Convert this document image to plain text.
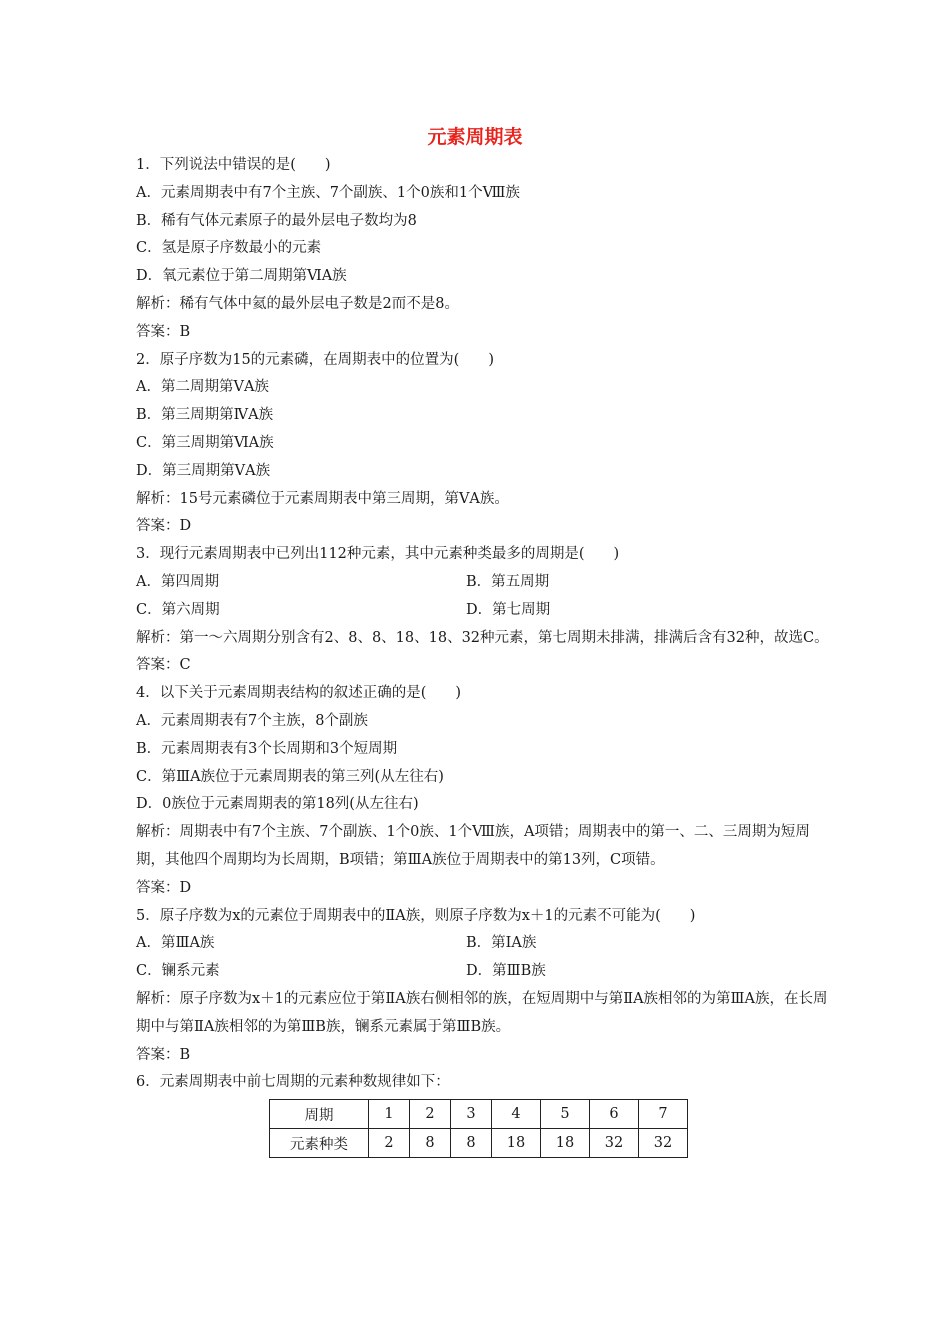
元素周期表
1．下列说法中错误的是(　　)
A．元素周期表中有7个主族、7个副族、1个0族和1个Ⅷ族
B．稀有气体元素原子的最外层电子数均为8
C．氢是原子序数最小的元素
D．氧元素位于第二周期第ⅥA族
解析：稀有气体中氦的最外层电子数是2而不是8。
答案：B
2．原子序数为15的元素磷，在周期表中的位置为(　　)
A．第二周期第ⅤA族
B．第三周期第ⅣA族
C．第三周期第ⅥA族
D．第三周期第ⅤA族
解析：15号元素磷位于元素周期表中第三周期，第ⅤA族。
答案：D
3．现行元素周期表中已列出112种元素，其中元素种类最多的周期是(　　)
A．第四周期	B．第五周期
C．第六周期	D．第七周期
解析：第一～六周期分别含有2、8、8、18、18、32种元素，第七周期未排满，排满后含有32种，故选C。
答案：C
4．以下关于元素周期表结构的叙述正确的是(　　)
A．元素周期表有7个主族，8个副族
B．元素周期表有3个长周期和3个短周期
C．第ⅢA族位于元素周期表的第三列(从左往右)
D．0族位于元素周期表的第18列(从左往右)
解析：周期表中有7个主族、7个副族、1个0族、1个Ⅷ族，A项错；周期表中的第一、二、三周期为短周期，其他四个周期均为长周期，B项错；第ⅢA族位于周期表中的第13列，C项错。
答案：D
5．原子序数为x的元素位于周期表中的ⅡA族，则原子序数为x＋1的元素不可能为(　　)
A．第ⅢA族	B．第ⅠA族
C．镧系元素	D．第ⅢB族
解析：原子序数为x＋1的元素应位于第ⅡA族右侧相邻的族，在短周期中与第ⅡA族相邻的为第ⅢA族，在长周期中与第ⅡA族相邻的为第ⅢB族，镧系元素属于第ⅢB族。
答案：B
6．元素周期表中前七周期的元素种数规律如下：
周期	1	2	3	4	5	6	7
元素种类	2	8	8	18	18	32	32
